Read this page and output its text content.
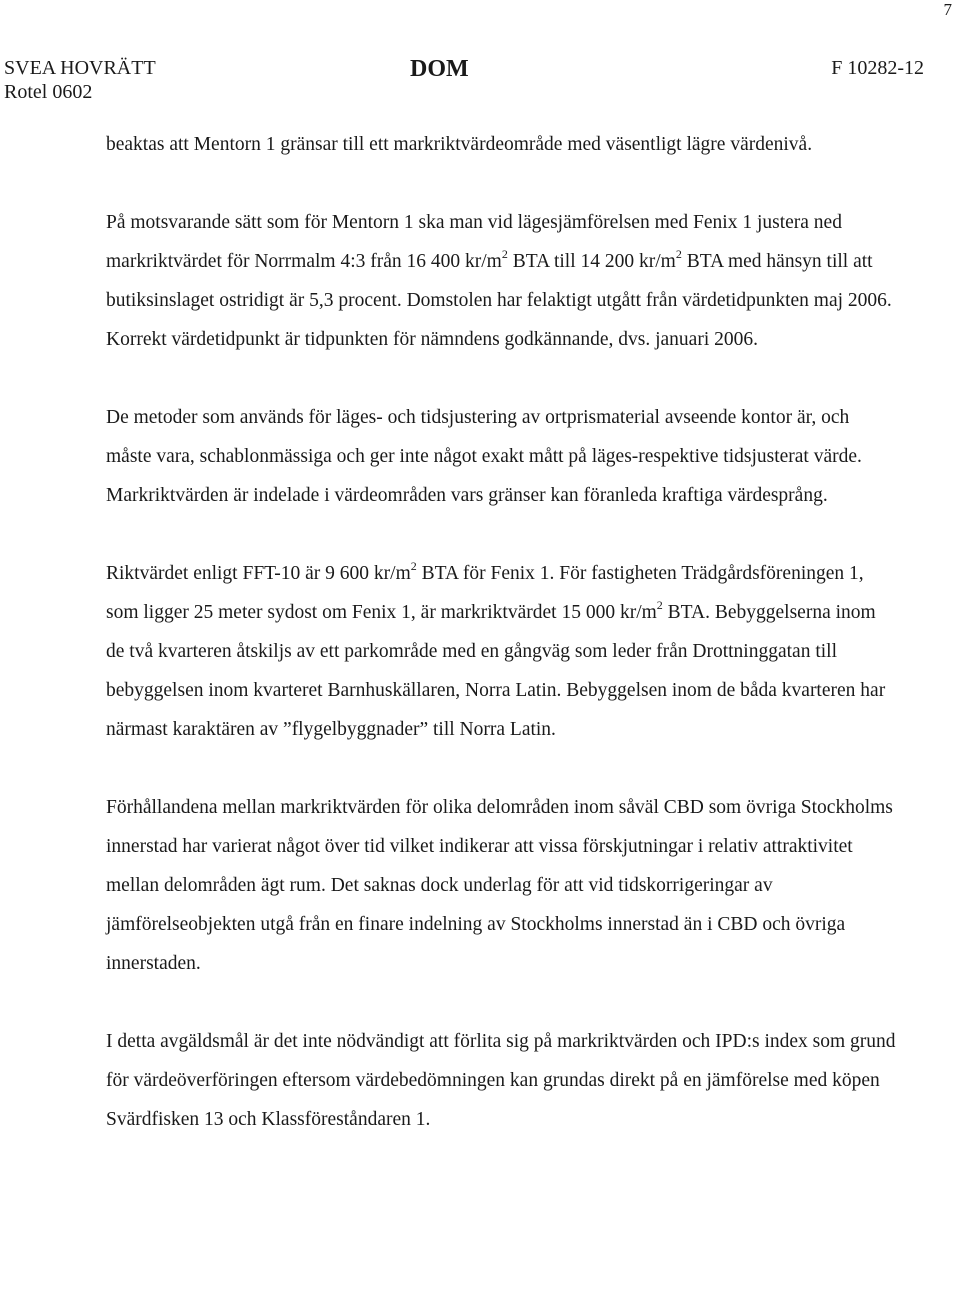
7
SVEA HOVRÄTT
Rotel 0602
DOM	F 10282-12

beaktas att Mentorn 1 gränsar till ett markriktvärdeområde med väsentligt lägre värdenivå.

På motsvarande sätt som för Mentorn 1 ska man vid lägesjämförelsen med Fenix 1 justera ned markriktvärdet för Norrmalm 4:3 från 16 400 $kr/m^2$ BTA till 14 200 $kr/m^2$ BTA med hänsyn till att butiksinslaget ostridigt är 5,3 procent. Domstolen har felaktigt utgått från värdetidpunkten maj 2006. Korrekt värdetidpunkt är tidpunkten för nämndens godkännande, dvs. januari 2006.

De metoder som används för läges- och tidsjustering av ortprismaterial avseende kontor är, och måste vara, schablonmässiga och ger inte något exakt mått på läges-respektive tidsjusterat värde. Markriktvärden är indelade i värdeområden vars gränser kan föranleda kraftiga värdesprång.

Riktvärdet enligt FFT-10 är 9 600 $kr/m^2$ BTA för Fenix 1. För fastigheten Trädgårdsföreningen 1, som ligger 25 meter sydost om Fenix 1, är markriktvärdet 15 000 $kr/m^2$ BTA. Bebyggelserna inom de två kvarteren åtskiljs av ett parkområde med en gångväg som leder från Drottninggatan till bebyggelsen inom kvarteret Barnhuskällaren, Norra Latin. Bebyggelsen inom de båda kvarteren har närmast karaktären av ”flygelbyggnader” till Norra Latin.

Förhållandena mellan markriktvärden för olika delområden inom såväl CBD som övriga Stockholms innerstad har varierat något över tid vilket indikerar att vissa förskjutningar i relativ attraktivitet mellan delområden ägt rum. Det saknas dock underlag för att vid tidskorrigeringar av jämförelseobjekten utgå från en finare indelning av Stockholms innerstad än i CBD och övriga innerstaden.

I detta avgäldsmål är det inte nödvändigt att förlita sig på markriktvärden och IPD:s index som grund för värdeöverföringen eftersom värdebedömningen kan grundas direkt på en jämförelse med köpen Svärdfisken 13 och Klassföreståndaren 1.
